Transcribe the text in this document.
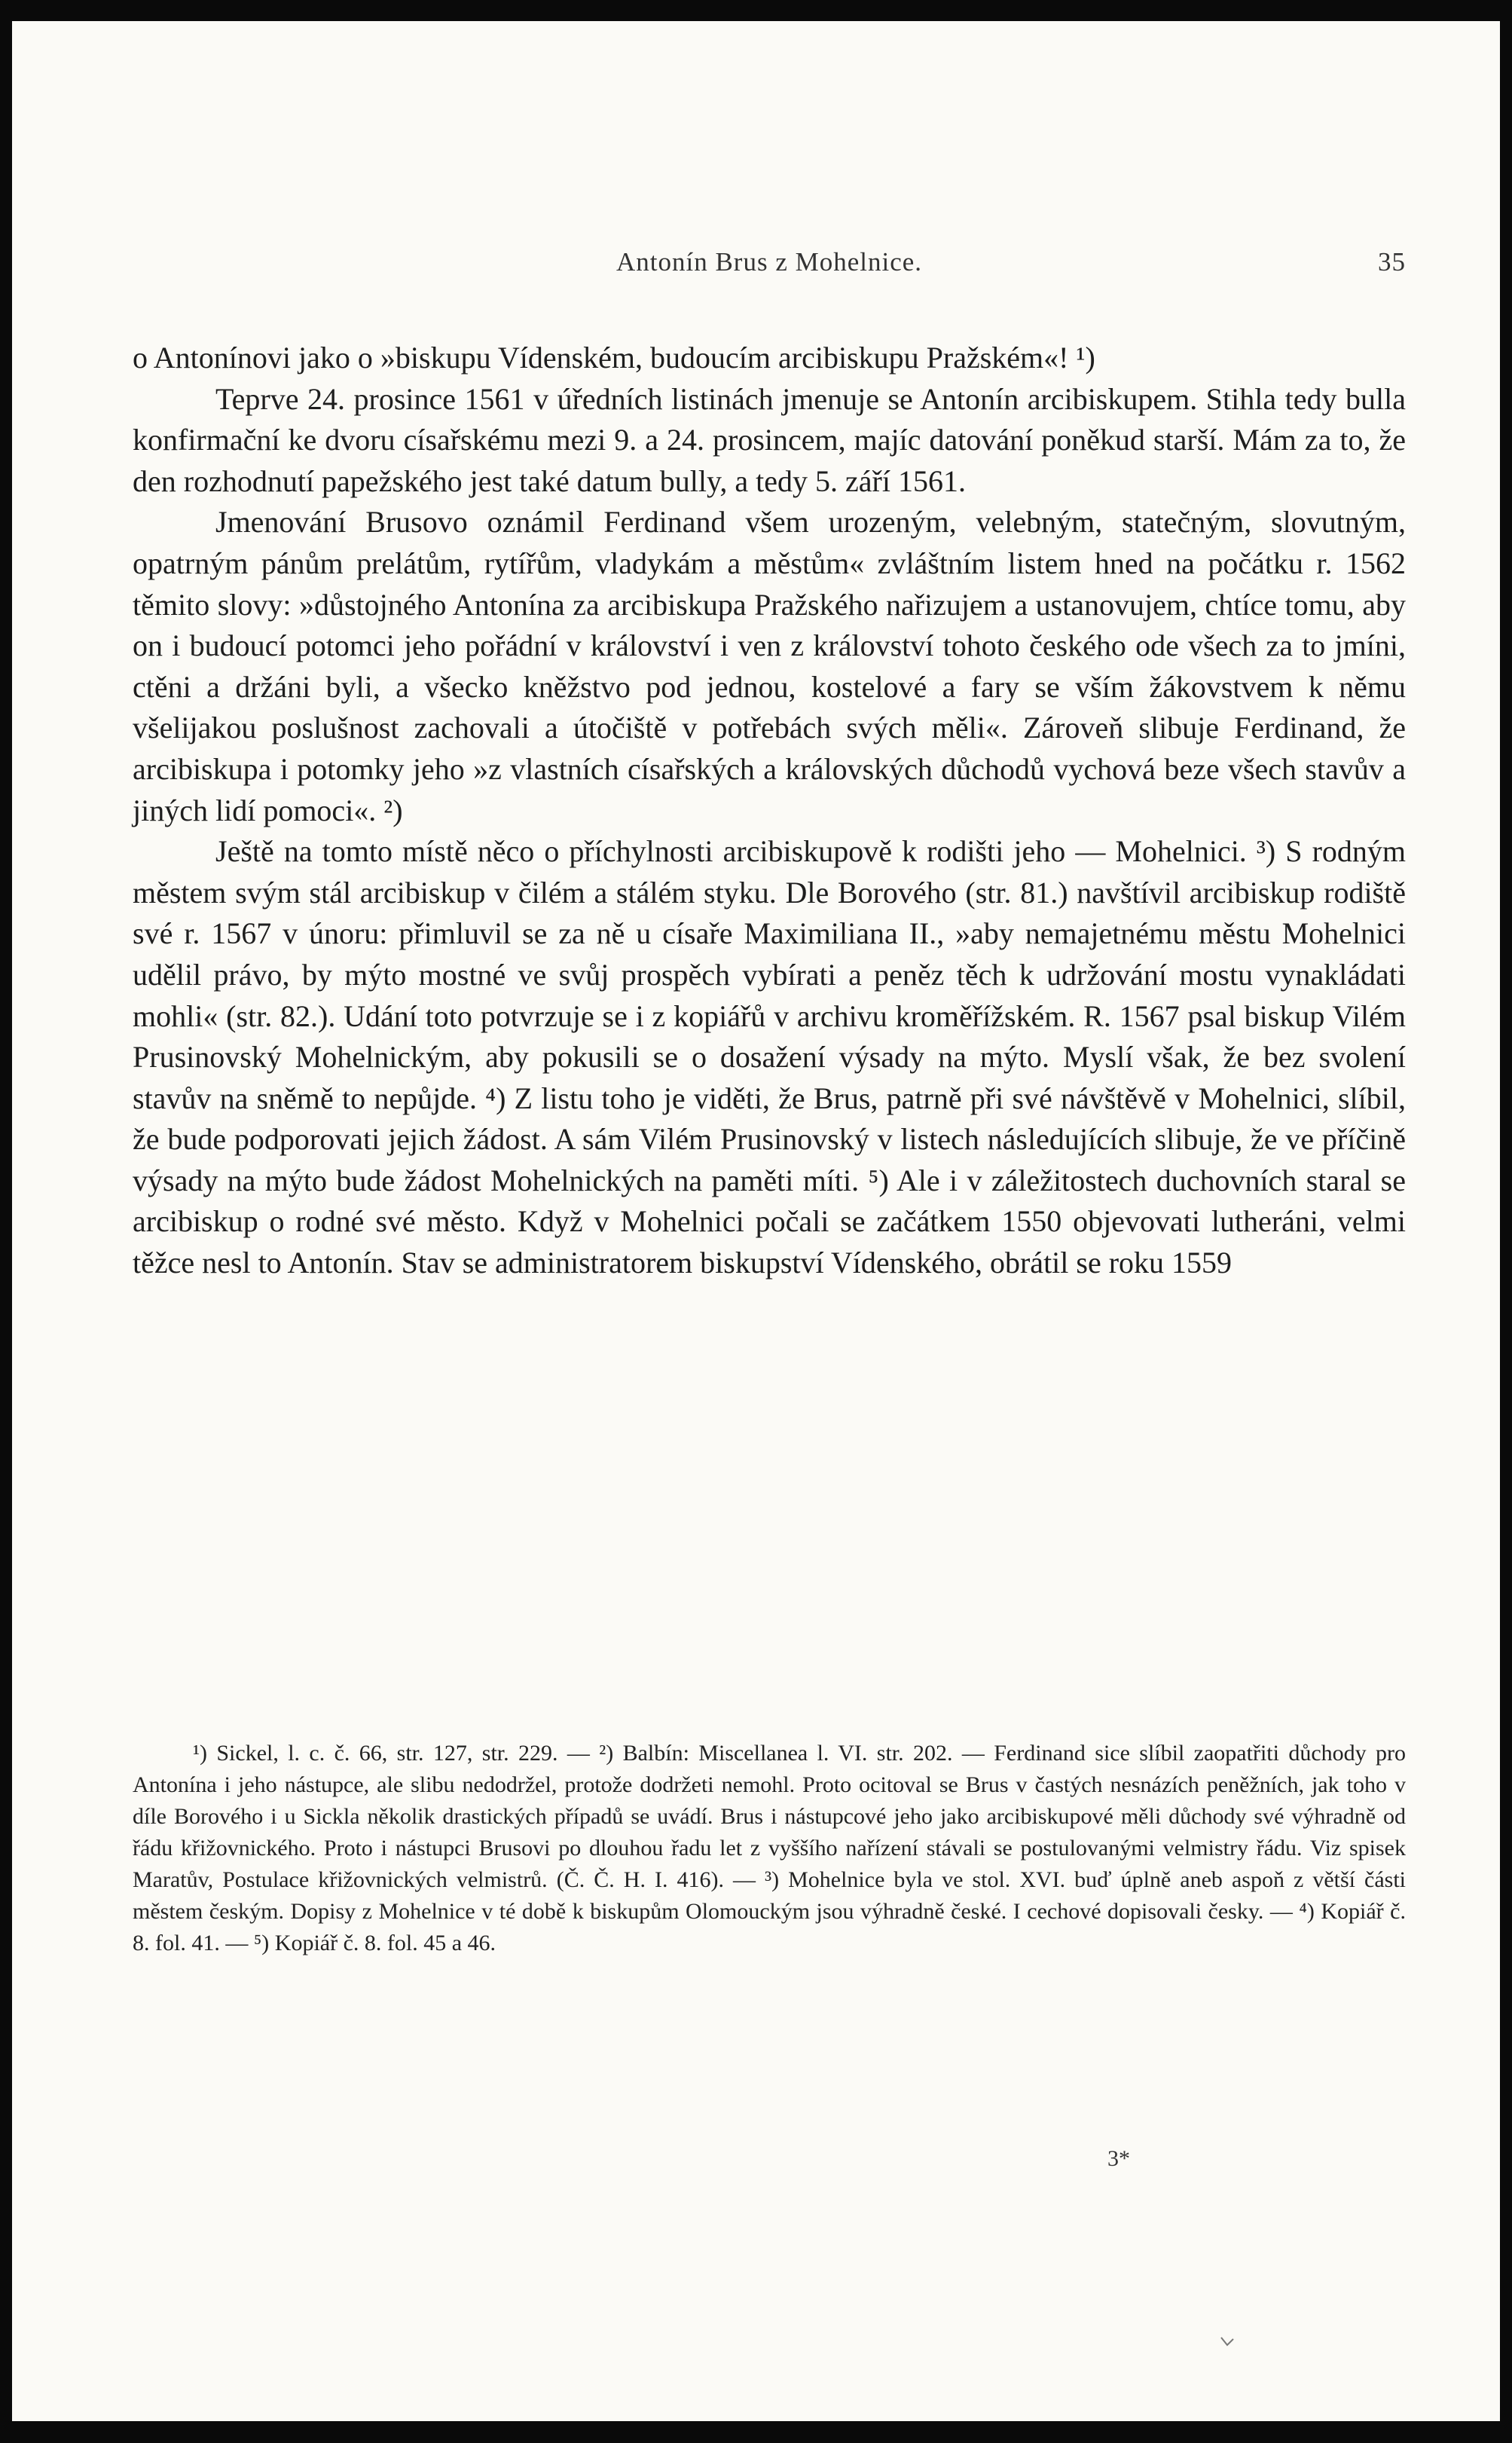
Antonín Brus z Mohelnice.	35

o Antonínovi jako o »biskupu Vídenském, budoucím arcibiskupu Pražském«! ¹)

Teprve 24. prosince 1561 v úředních listinách jmenuje se Antonín arcibiskupem. Stihla tedy bulla konfirmační ke dvoru císařskému mezi 9. a 24. prosincem, majíc datování poněkud starší. Mám za to, že den rozhodnutí papežského jest také datum bully, a tedy 5. září 1561.

Jmenování Brusovo oznámil Ferdinand všem urozeným, velebným, statečným, slovutným, opatrným pánům prelátům, rytířům, vladykám a městům« zvláštním listem hned na počátku r. 1562 těmito slovy: »důstojného Antonína za arcibiskupa Pražského nařizujem a ustanovujem, chtíce tomu, aby on i budoucí potomci jeho pořádní v království i ven z království tohoto českého ode všech za to jmíni, ctěni a držáni byli, a všecko kněžstvo pod jednou, kostelové a fary se vším žákovstvem k němu všelijakou poslušnost zachovali a útočiště v potřebách svých měli«. Zároveň slibuje Ferdinand, že arcibiskupa i potomky jeho »z vlastních císařských a královských důchodů vychová beze všech stavův a jiných lidí pomoci«. ²)

Ještě na tomto místě něco o příchylnosti arcibiskupově k rodišti jeho — Mohelnici. ³) S rodným městem svým stál arcibiskup v čilém a stálém styku. Dle Borového (str. 81.) navštívil arcibiskup rodiště své r. 1567 v únoru: přimluvil se za ně u císaře Maximiliana II., »aby nemajetnému městu Mohelnici udělil právo, by mýto mostné ve svůj prospěch vybírati a peněz těch k udržování mostu vynakládati mohli« (str. 82.). Udání toto potvrzuje se i z kopiářů v archivu kroměřížském. R. 1567 psal biskup Vilém Prusinovský Mohelnickým, aby pokusili se o dosažení výsady na mýto. Myslí však, že bez svolení stavův na sněmě to nepůjde. ⁴) Z listu toho je viděti, že Brus, patrně při své návštěvě v Mohelnici, slíbil, že bude podporovati jejich žádost. A sám Vilém Prusinovský v listech následujících slibuje, že ve příčině výsady na mýto bude žádost Mohelnických na paměti míti. ⁵) Ale i v záležitostech duchovních staral se arcibiskup o rodné své město. Když v Mohelnici počali se začátkem 1550 objevovati lutheráni, velmi těžce nesl to Antonín. Stav se administratorem biskupství Vídenského, obrátil se roku 1559

¹) Sickel, l. c. č. 66, str. 127, str. 229. — ²) Balbín: Miscellanea l. VI. str. 202. — Ferdinand sice slíbil zaopatřiti důchody pro Antonína i jeho nástupce, ale slibu nedodržel, protože dodržeti nemohl. Proto ocitoval se Brus v častých nesnázích peněžních, jak toho v díle Borového i u Sickla několik drastických případů se uvádí. Brus i nástupcové jeho jako arcibiskupové měli důchody své výhradně od řádu křižovnického. Proto i nástupci Brusovi po dlouhou řadu let z vyššího nařízení stávali se postulovanými velmistry řádu. Viz spisek Maratův, Postulace křižovnických velmistrů. (Č. Č. H. I. 416). — ³) Mohelnice byla ve stol. XVI. buď úplně aneb aspoň z větší části městem českým. Dopisy z Mohelnice v té době k biskupům Olomouckým jsou výhradně české. I cechové dopisovali česky. — ⁴) Kopiář č. 8. fol. 41. — ⁵) Kopiář č. 8. fol. 45 a 46.

3*
